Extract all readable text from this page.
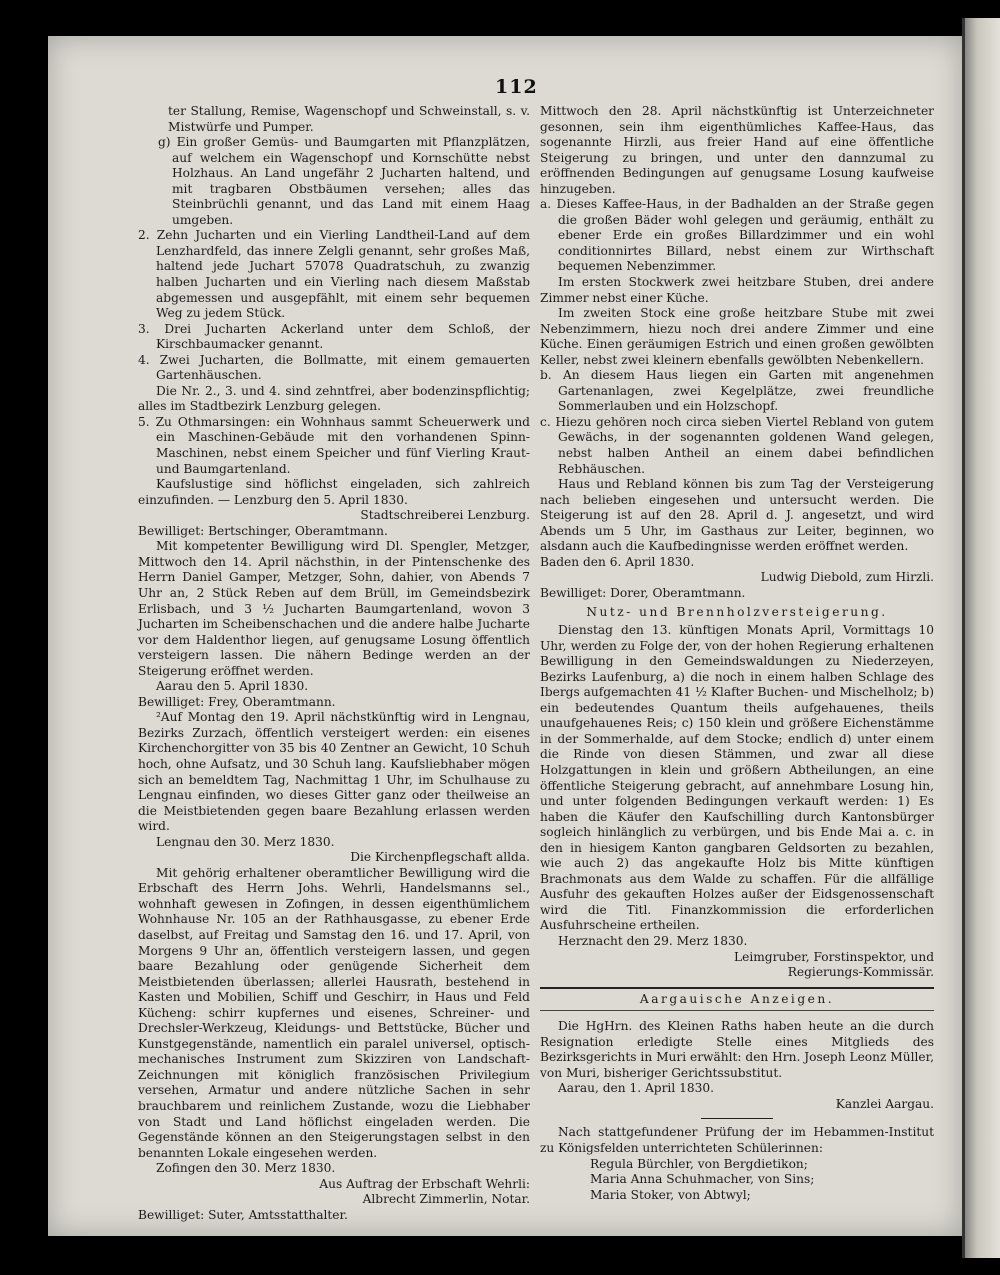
112

ter Stallung, Remise, Wagenschopf und Schweinstall, s. v. Mistwürfe und Pumper.

g) Ein großer Gemüs- und Baumgarten mit Pflanzplätzen, auf welchem ein Wagenschopf und Kornschütte nebst Holzhaus. An Land ungefähr 2 Jucharten haltend, und mit tragbaren Obstbäumen versehen; alles das Steinbrüchli genannt, und das Land mit einem Haag umgeben.

2. Zehn Jucharten und ein Vierling Landtheil-Land auf dem Lenzhardfeld, das innere Zelgli genannt, sehr großes Maß, haltend jede Juchart 57078 Quadratschuh, zu zwanzig halben Jucharten und ein Vierling nach diesem Maßstab abgemessen und ausgepfählt, mit einem sehr bequemen Weg zu jedem Stück.

3. Drei Jucharten Ackerland unter dem Schloß, der Kirschbaumacker genannt.

4. Zwei Jucharten, die Bollmatte, mit einem gemauerten Gartenhäuschen.

Die Nr. 2., 3. und 4. sind zehntfrei, aber bodenzinspflichtig; alles im Stadtbezirk Lenzburg gelegen.

5. Zu Othmarsingen: ein Wohnhaus sammt Scheuerwerk und ein Maschinen-Gebäude mit den vorhandenen Spinn-Maschinen, nebst einem Speicher und fünf Vierling Kraut- und Baumgartenland.

Kaufslustige sind höflichst eingeladen, sich zahlreich einzufinden. — Lenzburg den 5. April 1830.

Stadtschreiberei Lenzburg.

Bewilliget: Bertschinger, Oberamtmann.

Mit kompetenter Bewilligung wird Dl. Spengler, Metzger, Mittwoch den 14. April nächsthin, in der Pintenschenke des Herrn Daniel Gamper, Metzger, Sohn, dahier, von Abends 7 Uhr an, 2 Stück Reben auf dem Brüll, im Gemeindsbezirk Erlisbach, und 3 ½ Jucharten Baumgartenland, wovon 3 Jucharten im Scheibenschachen und die andere halbe Jucharte vor dem Haldenthor liegen, auf genugsame Losung öffentlich versteigern lassen. Die nähern Bedinge werden an der Steigerung eröffnet werden.

Aarau den 5. April 1830.

Bewilliget: Frey, Oberamtmann.

²Auf Montag den 19. April nächstkünftig wird in Lengnau, Bezirks Zurzach, öffentlich versteigert werden: ein eisenes Kirchenchorgitter von 35 bis 40 Zentner an Gewicht, 10 Schuh hoch, ohne Aufsatz, und 30 Schuh lang. Kaufsliebhaber mögen sich an bemeldtem Tag, Nachmittag 1 Uhr, im Schulhause zu Lengnau einfinden, wo dieses Gitter ganz oder theilweise an die Meistbietenden gegen baare Bezahlung erlassen werden wird.

Lengnau den 30. Merz 1830.

Die Kirchenpflegschaft allda.

Mit gehörig erhaltener oberamtlicher Bewilligung wird die Erbschaft des Herrn Johs. Wehrli, Handelsmanns sel., wohnhaft gewesen in Zofingen, in dessen eigenthümlichem Wohnhause Nr. 105 an der Rathhausgasse, zu ebener Erde daselbst, auf Freitag und Samstag den 16. und 17. April, von Morgens 9 Uhr an, öffentlich versteigern lassen, und gegen baare Bezahlung oder genügende Sicherheit dem Meistbietenden überlassen; allerlei Hausrath, bestehend in Kasten und Mobilien, Schiff und Geschirr, in Haus und Feld Kücheng: schirr kupfernes und eisenes, Schreiner- und Drechsler-Werkzeug, Kleidungs- und Bettstücke, Bücher und Kunstgegenstände, namentlich ein paralel universel, optisch-mechanisches Instrument zum Skizziren von Landschaft-Zeichnungen mit königlich französischen Privilegium versehen, Armatur und andere nützliche Sachen in sehr brauchbarem und reinlichem Zustande, wozu die Liebhaber von Stadt und Land höflichst eingeladen werden. Die Gegenstände können an den Steigerungstagen selbst in den benannten Lokale eingesehen werden.

Zofingen den 30. Merz 1830.

Aus Auftrag der Erbschaft Wehrli:

Albrecht Zimmerlin, Notar.

Bewilliget: Suter, Amtsstatthalter.

Mittwoch den 28. April nächstkünftig ist Unterzeichneter gesonnen, sein ihm eigenthümliches Kaffee-Haus, das sogenannte Hirzli, aus freier Hand auf eine öffentliche Steigerung zu bringen, und unter den dannzumal zu eröffnenden Bedingungen auf genugsame Losung kaufweise hinzugeben.

a. Dieses Kaffee-Haus, in der Badhalden an der Straße gegen die großen Bäder wohl gelegen und geräumig, enthält zu ebener Erde ein großes Billardzimmer und ein wohl conditionnirtes Billard, nebst einem zur Wirthschaft bequemen Nebenzimmer.

Im ersten Stockwerk zwei heitzbare Stuben, drei andere Zimmer nebst einer Küche.

Im zweiten Stock eine große heitzbare Stube mit zwei Nebenzimmern, hiezu noch drei andere Zimmer und eine Küche. Einen geräumigen Estrich und einen großen gewölbten Keller, nebst zwei kleinern ebenfalls gewölbten Nebenkellern.

b. An diesem Haus liegen ein Garten mit angenehmen Gartenanlagen, zwei Kegelplätze, zwei freundliche Sommerlauben und ein Holzschopf.

c. Hiezu gehören noch circa sieben Viertel Rebland von gutem Gewächs, in der sogenannten goldenen Wand gelegen, nebst halben Antheil an einem dabei befindlichen Rebhäuschen.

Haus und Rebland können bis zum Tag der Versteigerung nach belieben eingesehen und untersucht werden. Die Steigerung ist auf den 28. April d. J. angesetzt, und wird Abends um 5 Uhr, im Gasthaus zur Leiter, beginnen, wo alsdann auch die Kaufbedingnisse werden eröffnet werden.

Baden den 6. April 1830.

Ludwig Diebold, zum Hirzli.

Bewilliget: Dorer, Oberamtmann.

Nutz- und Brennholzversteigerung.

Dienstag den 13. künftigen Monats April, Vormittags 10 Uhr, werden zu Folge der, von der hohen Regierung erhaltenen Bewilligung in den Gemeindswaldungen zu Niederzeyen, Bezirks Laufenburg, a) die noch in einem halben Schlage des Ibergs aufgemachten 41 ½ Klafter Buchen- und Mischelholz; b) ein bedeutendes Quantum theils aufgehauenes, theils unaufgehauenes Reis; c) 150 klein und größere Eichenstämme in der Sommerhalde, auf dem Stocke; endlich d) unter einem die Rinde von diesen Stämmen, und zwar all diese Holzgattungen in klein und größern Abtheilungen, an eine öffentliche Steigerung gebracht, auf annehmbare Losung hin, und unter folgenden Bedingungen verkauft werden: 1) Es haben die Käufer den Kaufschilling durch Kantonsbürger sogleich hinlänglich zu verbürgen, und bis Ende Mai a. c. in den in hiesigem Kanton gangbaren Geldsorten zu bezahlen, wie auch 2) das angekaufte Holz bis Mitte künftigen Brachmonats aus dem Walde zu schaffen. Für die allfällige Ausfuhr des gekauften Holzes außer der Eidsgenossenschaft wird die Titl. Finanzkommission die erforderlichen Ausfuhrscheine ertheilen.

Herznacht den 29. Merz 1830.

Leimgruber, Forstinspektor, und

Regierungs-Kommissär.

Aargauische Anzeigen.

Die HgHrn. des Kleinen Raths haben heute an die durch Resignation erledigte Stelle eines Mitglieds des Bezirksgerichts in Muri erwählt: den Hrn. Joseph Leonz Müller, von Muri, bisheriger Gerichtssubstitut.

Aarau, den 1. April 1830.

Kanzlei Aargau.

Nach stattgefundener Prüfung der im Hebammen-Institut zu Königsfelden unterrichteten Schülerinnen:

Regula Bürchler, von Bergdietikon;

Maria Anna Schuhmacher, von Sins;

Maria Stoker, von Abtwyl;
